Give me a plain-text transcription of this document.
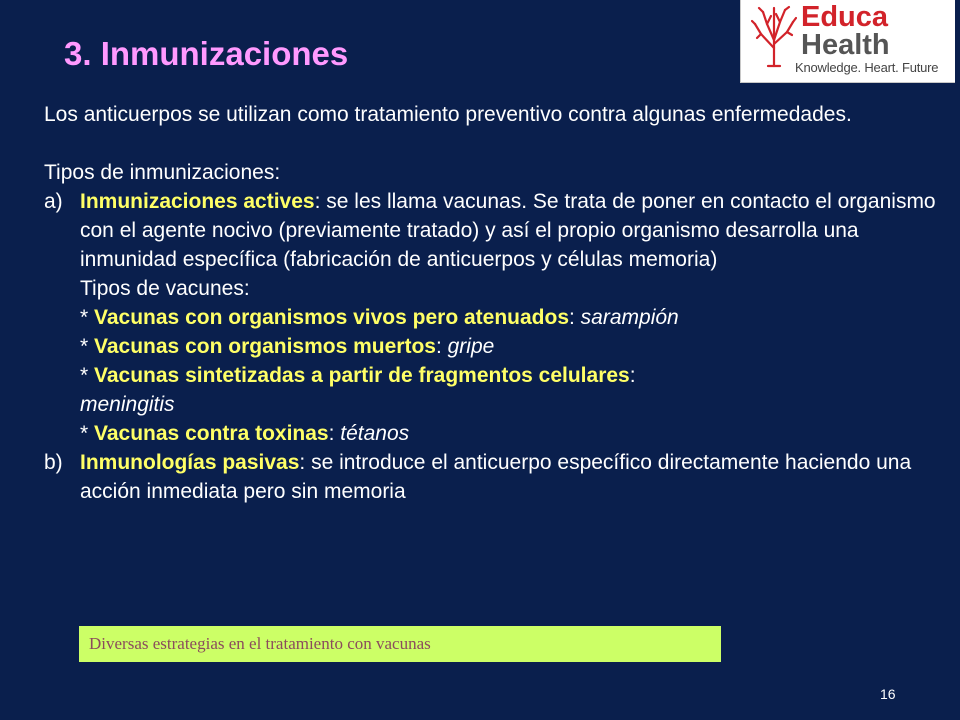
3. Inmunizaciones
Educa
Health
Knowledge. Heart. Future

Los anticuerpos se utilizan como tratamiento preventivo contra algunas enfermedades.

Tipos de inmunizaciones:

a) Inmunizaciones actives: se les llama vacunas. Se trata de poner en contacto el organismo con el agente nocivo (previamente tratado) y así el propio organismo desarrolla una inmunidad específica (fabricación de anticuerpos y células memoria)

Tipos de vacunes:

* Vacunas con organismos vivos pero atenuados: sarampión

* Vacunas con organismos muertos: gripe

* Vacunas sintetizadas a partir de fragmentos celulares:
meningitis

* Vacunas contra toxinas: tétanos

b) Inmunologías pasivas: se introduce el anticuerpo específico directamente haciendo una acción inmediata pero sin memoria

Diversas estrategias en el tratamiento con vacunas
16
